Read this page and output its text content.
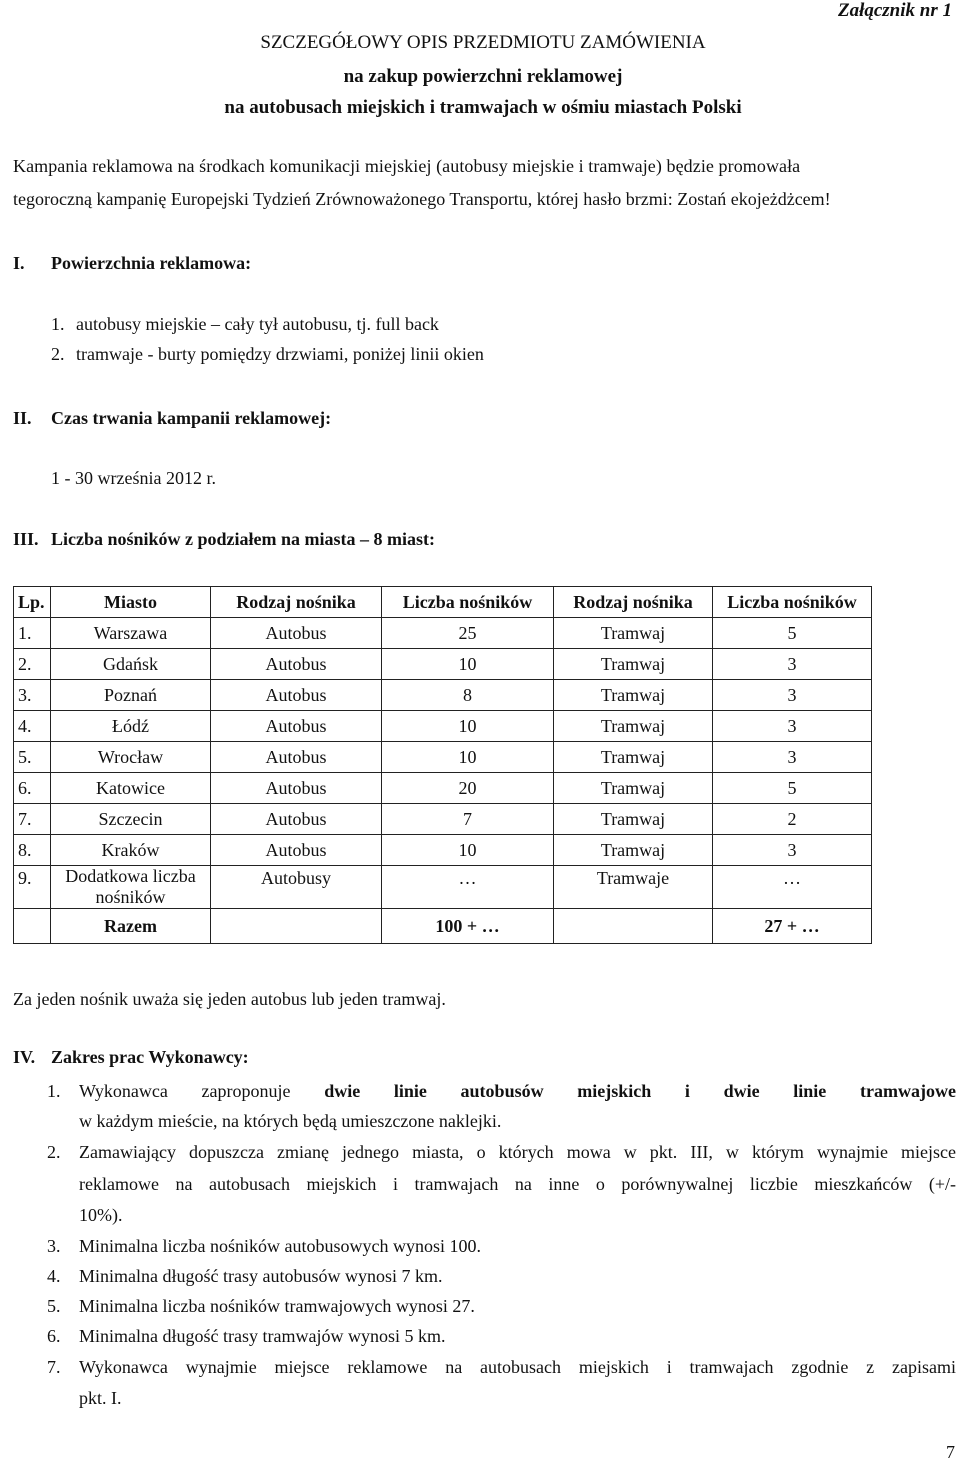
Załącznik nr 1
SZCZEGÓŁOWY OPIS PRZEDMIOTU ZAMÓWIENIA
na zakup powierzchni reklamowej
na autobusach miejskich i tramwajach w ośmiu miastach Polski
Kampania reklamowa na środkach komunikacji miejskiej (autobusy miejskie i tramwaje) będzie promowała
tegoroczną kampanię Europejski Tydzień Zrównoważonego Transportu, której hasło brzmi: Zostań ekojeżdżcem!
I. Powierzchnia reklamowa:
1. autobusy miejskie – cały tył autobusu, tj. full back
2. tramwaje - burty pomiędzy drzwiami, poniżej linii okien
II. Czas trwania kampanii reklamowej:
1 - 30 września 2012 r.
III. Liczba nośników z podziałem na miasta – 8 miast:
Lp.	Miasto	Rodzaj nośnika	Liczba nośników	Rodzaj nośnika	Liczba nośników
1.	Warszawa	Autobus	25	Tramwaj	5
2.	Gdańsk	Autobus	10	Tramwaj	3
3.	Poznań	Autobus	8	Tramwaj	3
4.	Łódź	Autobus	10	Tramwaj	3
5.	Wrocław	Autobus	10	Tramwaj	3
6.	Katowice	Autobus	20	Tramwaj	5
7.	Szczecin	Autobus	7	Tramwaj	2
8.	Kraków	Autobus	10	Tramwaj	3
9.	Dodatkowa liczba nośników	Autobusy	…	Tramwaje	…
	Razem		100 + …		27 + …
Za jeden nośnik uważa się jeden autobus lub jeden tramwaj.
IV. Zakres prac Wykonawcy:
1. Wykonawca zaproponuje dwie linie autobusów miejskich i dwie linie tramwajowe
w każdym mieście, na których będą umieszczone naklejki.
2. Zamawiający dopuszcza zmianę jednego miasta, o których mowa w pkt. III, w którym wynajmie miejsce
reklamowe na autobusach miejskich i tramwajach na inne o porównywalnej liczbie mieszkańców (+/-
10%).
3. Minimalna liczba nośników autobusowych wynosi 100.
4. Minimalna długość trasy autobusów wynosi 7 km.
5. Minimalna liczba nośników tramwajowych wynosi 27.
6. Minimalna długość trasy tramwajów wynosi 5 km.
7. Wykonawca wynajmie miejsce reklamowe na autobusach miejskich i tramwajach zgodnie z zapisami
pkt. I.
7
